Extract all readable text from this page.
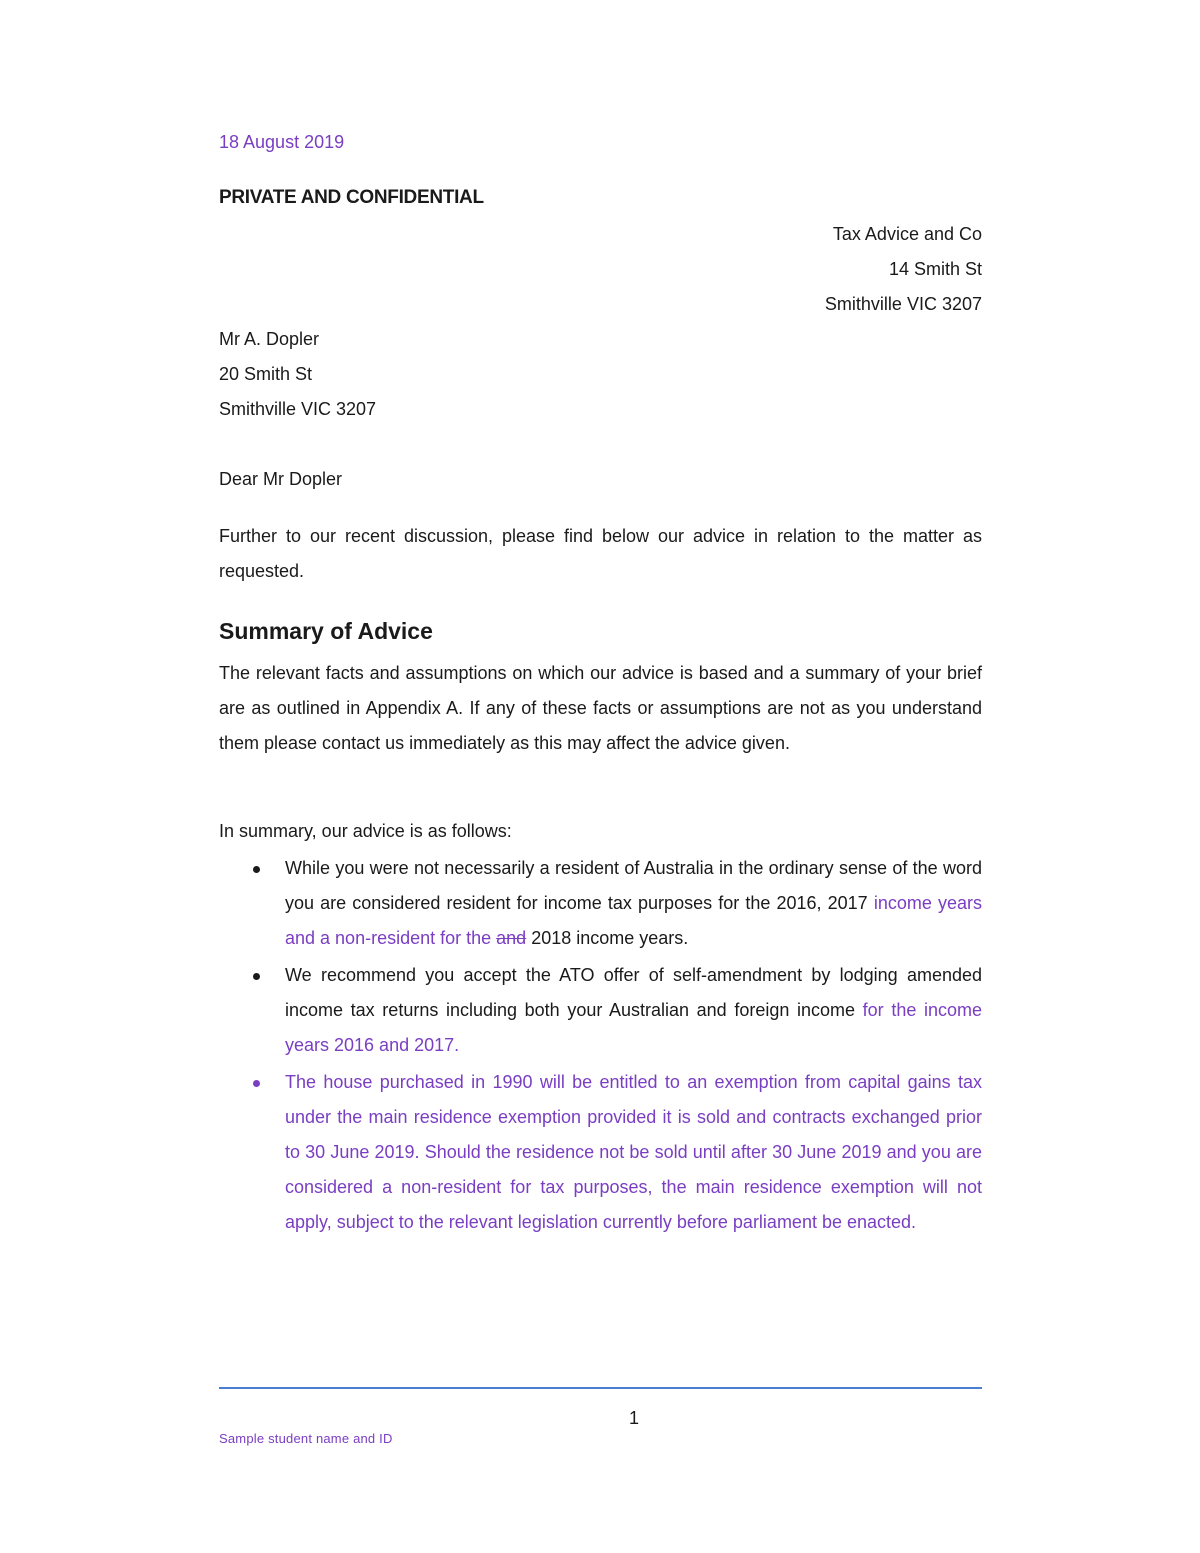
18 August 2019

PRIVATE AND CONFIDENTIAL

Tax Advice and Co
14 Smith St
Smithville VIC 3207
Mr A. Dopler
20 Smith St
Smithville VIC 3207

Dear Mr Dopler

Further to our recent discussion, please find below our advice in relation to the matter as requested.

Summary of Advice

The relevant facts and assumptions on which our advice is based and a summary of your brief are as outlined in Appendix A. If any of these facts or assumptions are not as you understand them please contact us immediately as this may affect the advice given.

In summary, our advice is as follows:

While you were not necessarily a resident of Australia in the ordinary sense of the word you are considered resident for income tax purposes for the 2016, 2017 income years and a non-resident for the and 2018 income years.
We recommend you accept the ATO offer of self-amendment by lodging amended income tax returns including both your Australian and foreign income for the income years 2016 and 2017.
The house purchased in 1990 will be entitled to an exemption from capital gains tax under the main residence exemption provided it is sold and contracts exchanged prior to 30 June 2019. Should the residence not be sold until after 30 June 2019 and you are considered a non-resident for tax purposes, the main residence exemption will not apply, subject to the relevant legislation currently before parliament be enacted.
1
Sample student name and ID
